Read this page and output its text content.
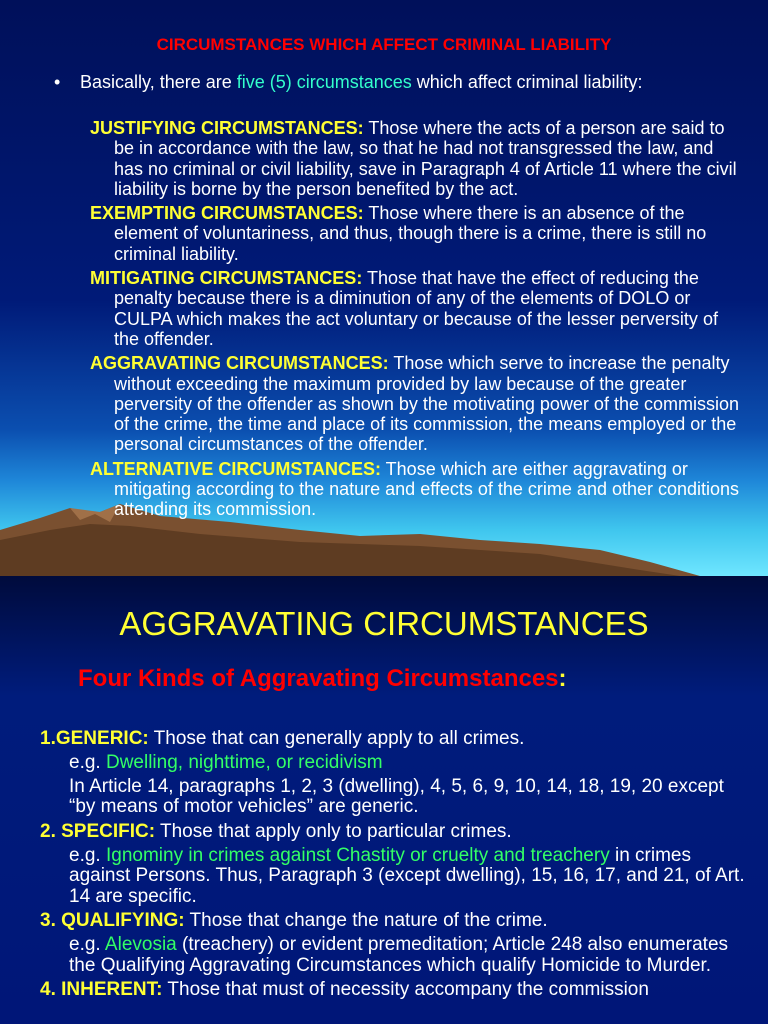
CIRCUMSTANCES WHICH AFFECT CRIMINAL LIABILITY
• Basically, there are five (5) circumstances which affect criminal liability:
JUSTIFYING CIRCUMSTANCES: Those where the acts of a person are said to be in accordance with the law, so that he had not transgressed the law, and has no criminal or civil liability, save in Paragraph 4 of Article 11 where the civil liability is borne by the person benefited by the act.
EXEMPTING CIRCUMSTANCES: Those where there is an absence of the element of voluntariness, and thus, though there is a crime, there is still no criminal liability.
MITIGATING CIRCUMSTANCES: Those that have the effect of reducing the penalty because there is a diminution of any of the elements of DOLO or CULPA which makes the act voluntary or because of the lesser perversity of the offender.
AGGRAVATING CIRCUMSTANCES: Those which serve to increase the penalty without exceeding the maximum provided by law because of the greater perversity of the offender as shown by the motivating power of the commission of the crime, the time and place of its commission, the means employed or the personal circumstances of the offender.
ALTERNATIVE CIRCUMSTANCES: Those which are either aggravating or mitigating according to the nature and effects of the crime and other conditions attending its commission.
AGGRAVATING CIRCUMSTANCES
Four Kinds of Aggravating Circumstances:
1.GENERIC: Those that can generally apply to all crimes.
e.g. Dwelling, nighttime, or recidivism
In Article 14, paragraphs 1, 2, 3 (dwelling), 4, 5, 6, 9, 10, 14, 18, 19, 20 except “by means of motor vehicles” are generic.
2. SPECIFIC: Those that apply only to particular crimes.
e.g. Ignominy in crimes against Chastity or cruelty and treachery in crimes against Persons. Thus, Paragraph 3 (except dwelling), 15, 16, 17, and 21, of Art. 14 are specific.
3. QUALIFYING: Those that change the nature of the crime.
e.g. Alevosia (treachery) or evident premeditation; Article 248 also enumerates the Qualifying Aggravating Circumstances which qualify Homicide to Murder.
4. INHERENT: Those that must of necessity accompany the commission
